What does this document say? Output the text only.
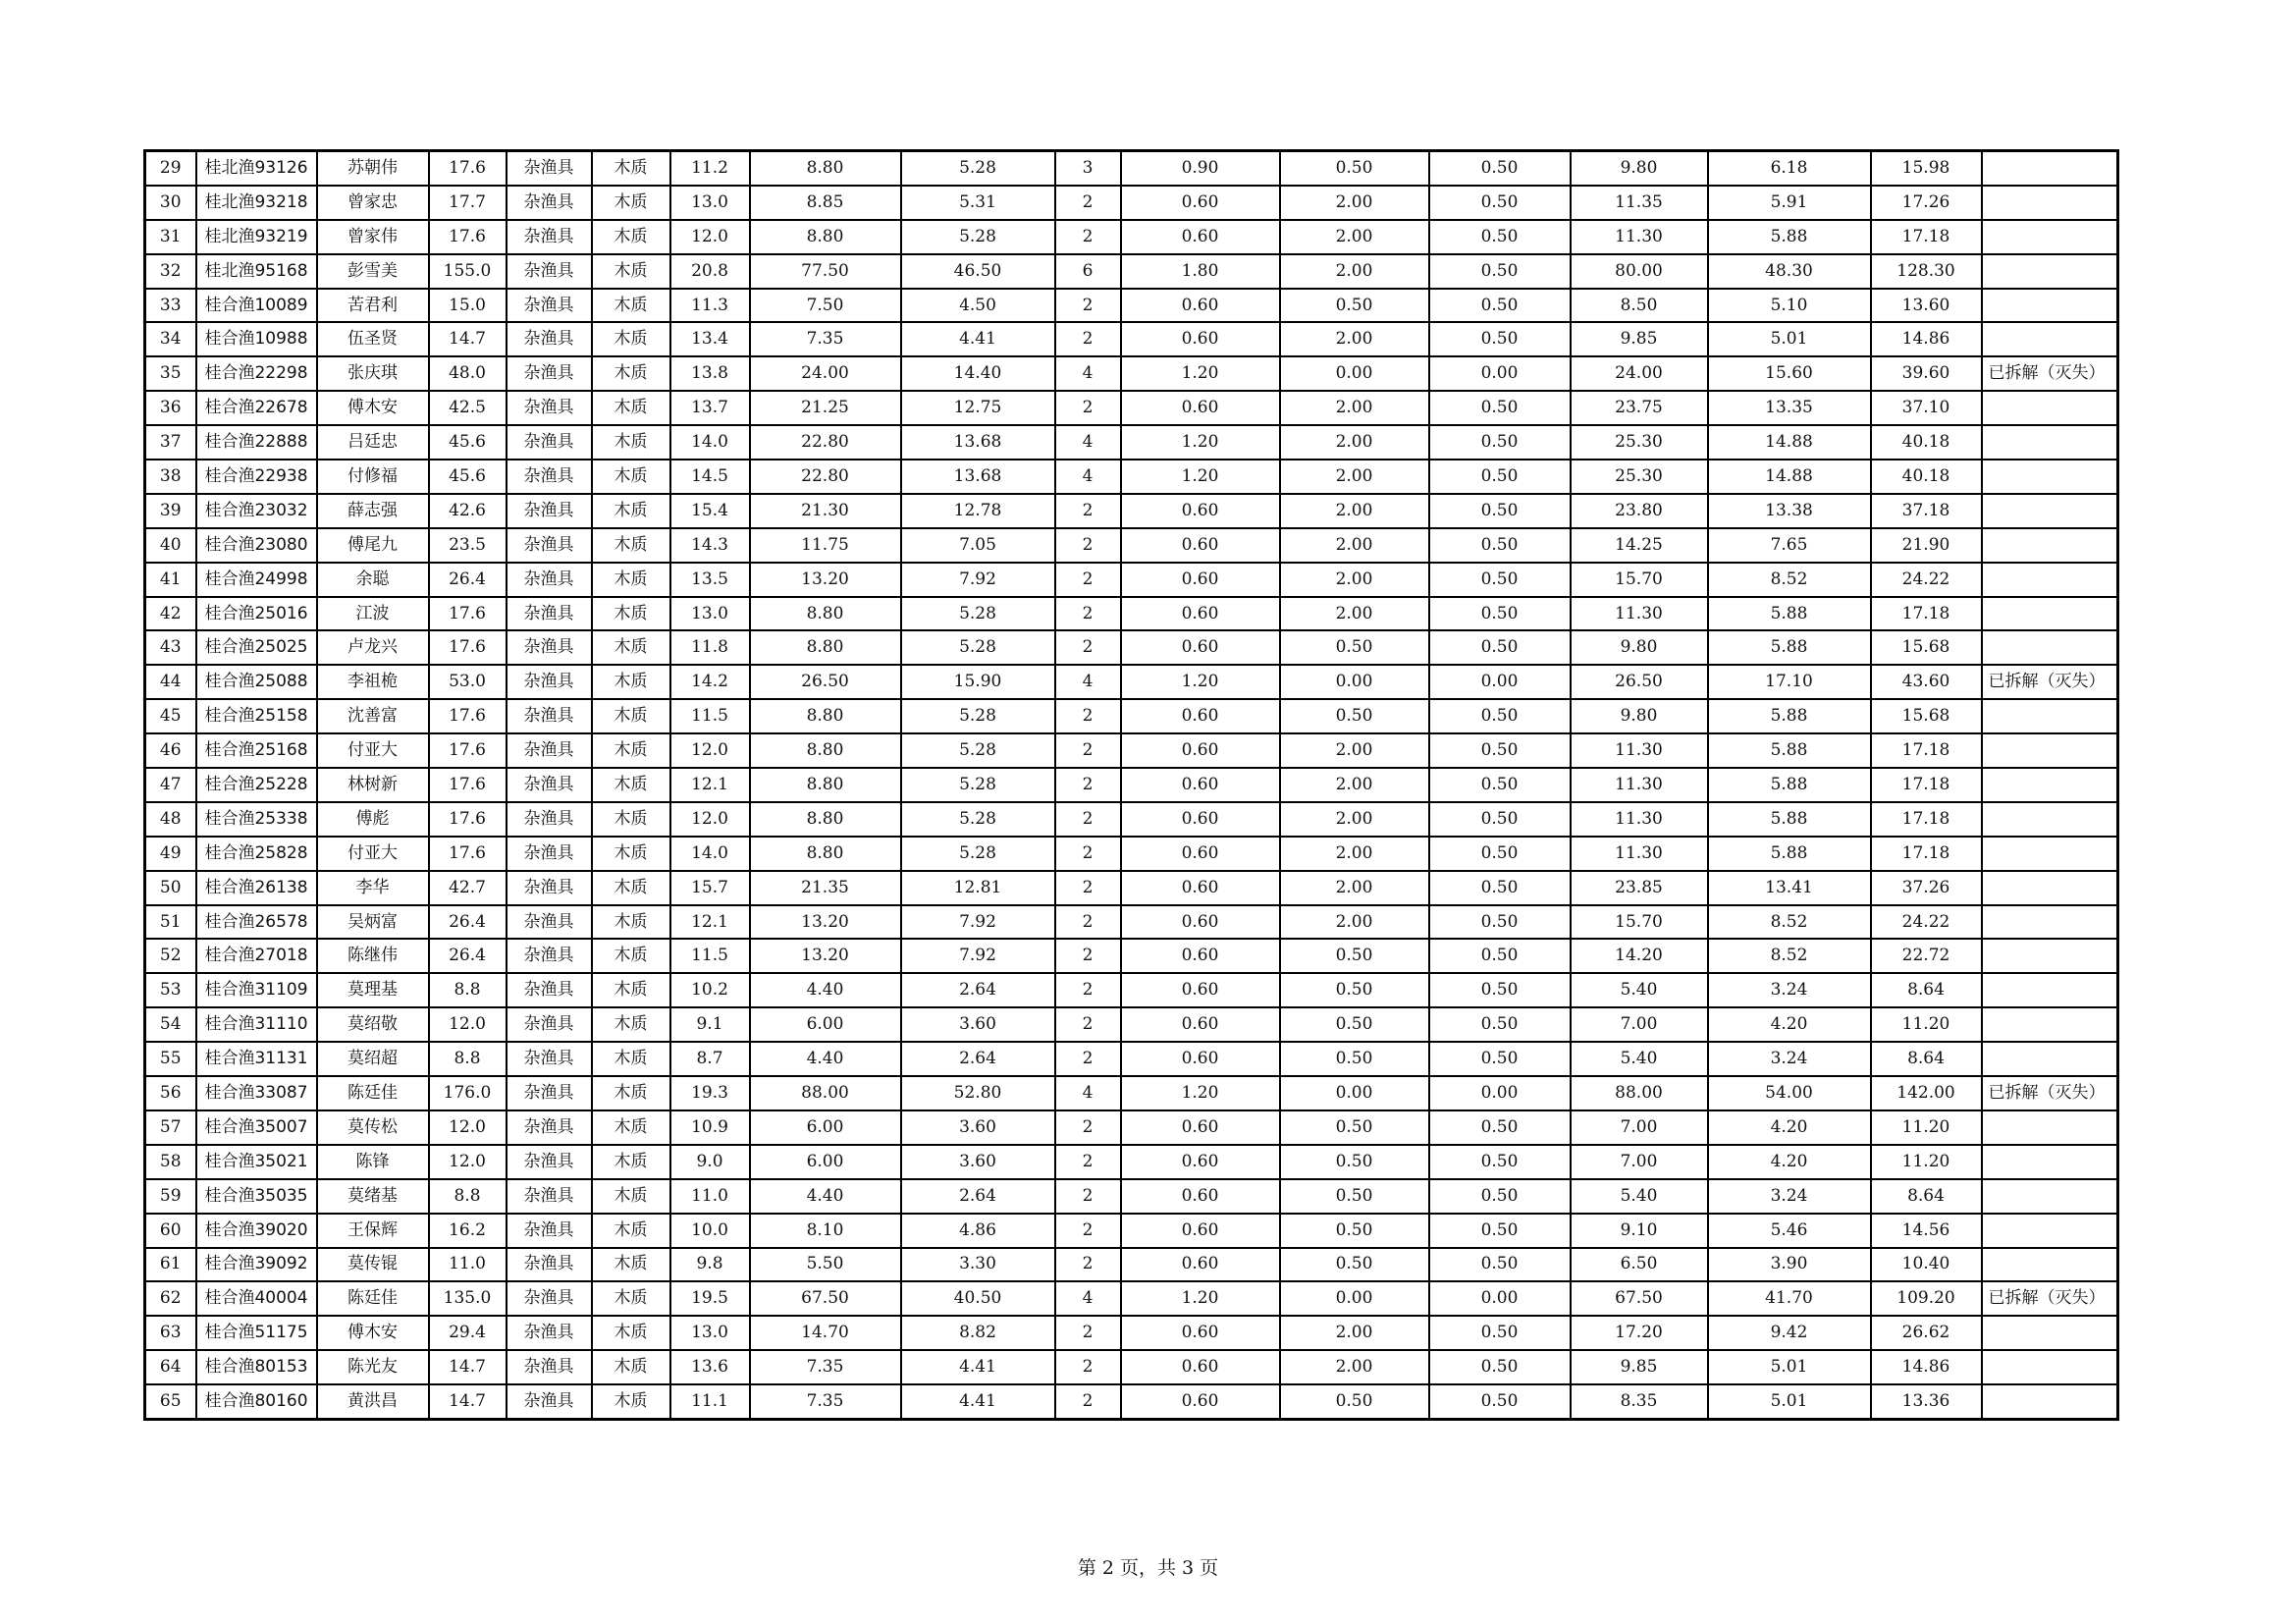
29	桂北渔93126	苏朝伟	17.6	杂渔具	木质	11.2	8.80	5.28	3	0.90	0.50	0.50	9.80	6.18	15.98	
30	桂北渔93218	曾家忠	17.7	杂渔具	木质	13.0	8.85	5.31	2	0.60	2.00	0.50	11.35	5.91	17.26	
31	桂北渔93219	曾家伟	17.6	杂渔具	木质	12.0	8.80	5.28	2	0.60	2.00	0.50	11.30	5.88	17.18	
32	桂北渔95168	彭雪美	155.0	杂渔具	木质	20.8	77.50	46.50	6	1.80	2.00	0.50	80.00	48.30	128.30	
33	桂合渔10089	苦君利	15.0	杂渔具	木质	11.3	7.50	4.50	2	0.60	0.50	0.50	8.50	5.10	13.60	
34	桂合渔10988	伍圣贤	14.7	杂渔具	木质	13.4	7.35	4.41	2	0.60	2.00	0.50	9.85	5.01	14.86	
35	桂合渔22298	张庆琪	48.0	杂渔具	木质	13.8	24.00	14.40	4	1.20	0.00	0.00	24.00	15.60	39.60	已拆解（灭失）
36	桂合渔22678	傅木安	42.5	杂渔具	木质	13.7	21.25	12.75	2	0.60	2.00	0.50	23.75	13.35	37.10	
37	桂合渔22888	吕廷忠	45.6	杂渔具	木质	14.0	22.80	13.68	4	1.20	2.00	0.50	25.30	14.88	40.18	
38	桂合渔22938	付修福	45.6	杂渔具	木质	14.5	22.80	13.68	4	1.20	2.00	0.50	25.30	14.88	40.18	
39	桂合渔23032	薛志强	42.6	杂渔具	木质	15.4	21.30	12.78	2	0.60	2.00	0.50	23.80	13.38	37.18	
40	桂合渔23080	傅尾九	23.5	杂渔具	木质	14.3	11.75	7.05	2	0.60	2.00	0.50	14.25	7.65	21.90	
41	桂合渔24998	余聪	26.4	杂渔具	木质	13.5	13.20	7.92	2	0.60	2.00	0.50	15.70	8.52	24.22	
42	桂合渔25016	江波	17.6	杂渔具	木质	13.0	8.80	5.28	2	0.60	2.00	0.50	11.30	5.88	17.18	
43	桂合渔25025	卢龙兴	17.6	杂渔具	木质	11.8	8.80	5.28	2	0.60	0.50	0.50	9.80	5.88	15.68	
44	桂合渔25088	李祖桅	53.0	杂渔具	木质	14.2	26.50	15.90	4	1.20	0.00	0.00	26.50	17.10	43.60	已拆解（灭失）
45	桂合渔25158	沈善富	17.6	杂渔具	木质	11.5	8.80	5.28	2	0.60	0.50	0.50	9.80	5.88	15.68	
46	桂合渔25168	付亚大	17.6	杂渔具	木质	12.0	8.80	5.28	2	0.60	2.00	0.50	11.30	5.88	17.18	
47	桂合渔25228	林树新	17.6	杂渔具	木质	12.1	8.80	5.28	2	0.60	2.00	0.50	11.30	5.88	17.18	
48	桂合渔25338	傅彪	17.6	杂渔具	木质	12.0	8.80	5.28	2	0.60	2.00	0.50	11.30	5.88	17.18	
49	桂合渔25828	付亚大	17.6	杂渔具	木质	14.0	8.80	5.28	2	0.60	2.00	0.50	11.30	5.88	17.18	
50	桂合渔26138	李华	42.7	杂渔具	木质	15.7	21.35	12.81	2	0.60	2.00	0.50	23.85	13.41	37.26	
51	桂合渔26578	吴炳富	26.4	杂渔具	木质	12.1	13.20	7.92	2	0.60	2.00	0.50	15.70	8.52	24.22	
52	桂合渔27018	陈继伟	26.4	杂渔具	木质	11.5	13.20	7.92	2	0.60	0.50	0.50	14.20	8.52	22.72	
53	桂合渔31109	莫理基	8.8	杂渔具	木质	10.2	4.40	2.64	2	0.60	0.50	0.50	5.40	3.24	8.64	
54	桂合渔31110	莫绍敬	12.0	杂渔具	木质	9.1	6.00	3.60	2	0.60	0.50	0.50	7.00	4.20	11.20	
55	桂合渔31131	莫绍超	8.8	杂渔具	木质	8.7	4.40	2.64	2	0.60	0.50	0.50	5.40	3.24	8.64	
56	桂合渔33087	陈廷佳	176.0	杂渔具	木质	19.3	88.00	52.80	4	1.20	0.00	0.00	88.00	54.00	142.00	已拆解（灭失）
57	桂合渔35007	莫传松	12.0	杂渔具	木质	10.9	6.00	3.60	2	0.60	0.50	0.50	7.00	4.20	11.20	
58	桂合渔35021	陈锋	12.0	杂渔具	木质	9.0	6.00	3.60	2	0.60	0.50	0.50	7.00	4.20	11.20	
59	桂合渔35035	莫绪基	8.8	杂渔具	木质	11.0	4.40	2.64	2	0.60	0.50	0.50	5.40	3.24	8.64	
60	桂合渔39020	王保辉	16.2	杂渔具	木质	10.0	8.10	4.86	2	0.60	0.50	0.50	9.10	5.46	14.56	
61	桂合渔39092	莫传锟	11.0	杂渔具	木质	9.8	5.50	3.30	2	0.60	0.50	0.50	6.50	3.90	10.40	
62	桂合渔40004	陈廷佳	135.0	杂渔具	木质	19.5	67.50	40.50	4	1.20	0.00	0.00	67.50	41.70	109.20	已拆解（灭失）
63	桂合渔51175	傅木安	29.4	杂渔具	木质	13.0	14.70	8.82	2	0.60	2.00	0.50	17.20	9.42	26.62	
64	桂合渔80153	陈光友	14.7	杂渔具	木质	13.6	7.35	4.41	2	0.60	2.00	0.50	9.85	5.01	14.86	
65	桂合渔80160	黄洪昌	14.7	杂渔具	木质	11.1	7.35	4.41	2	0.60	0.50	0.50	8.35	5.01	13.36	
第 2 页，共 3 页
